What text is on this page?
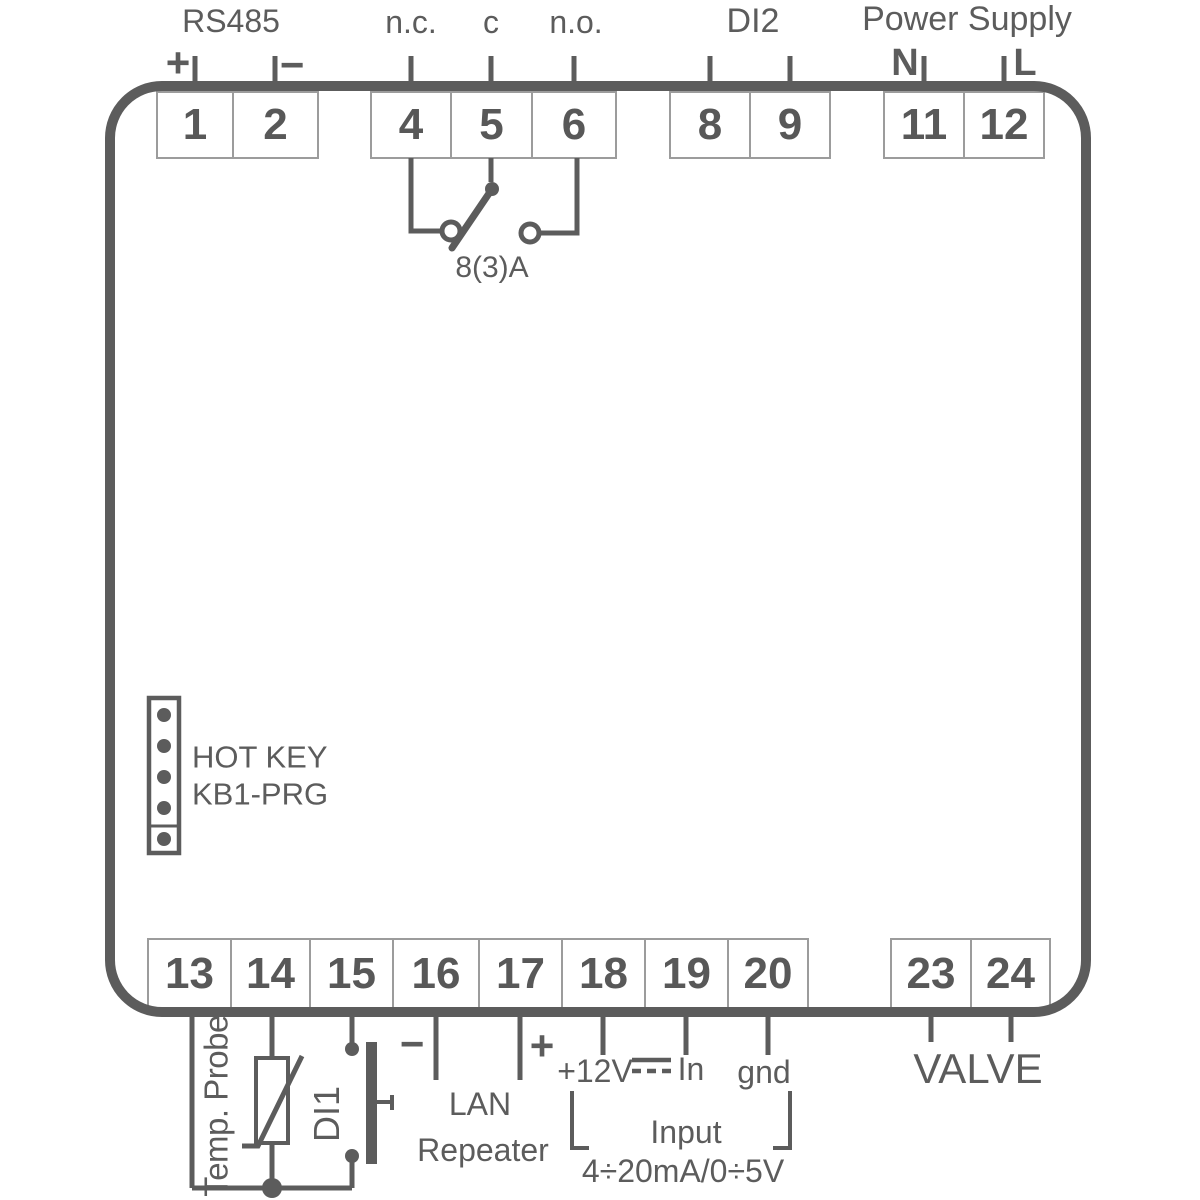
RS485
+ −
n.c. c n.o.
8(3)A
DI2 Power Supply
N L
1	2	4	5	6	8	9	11 12
13 14 15 16 17 18 19 20	23 24
HOT KEY
KB1-PRG
Temp. Probe DI1
−	+
LAN
Repeater
+12V In gnd
Input
4÷20mA/0÷5V
VALVE
